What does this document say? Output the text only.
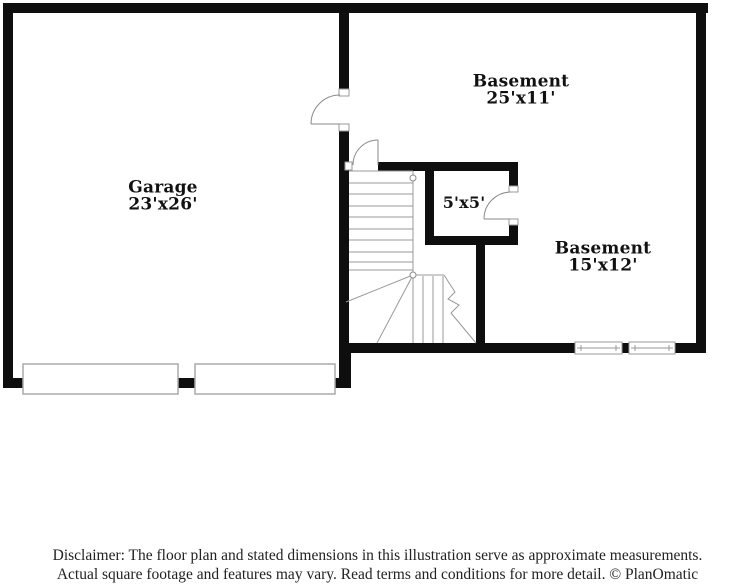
Garage
23'x26'
Basement
25'x11'
5'x5'
Basement
15'x12'
Disclaimer: The floor plan and stated dimensions in this illustration serve as approximate measurements.
Actual square footage and features may vary. Read terms and conditions for more detail. © PlanOmatic
